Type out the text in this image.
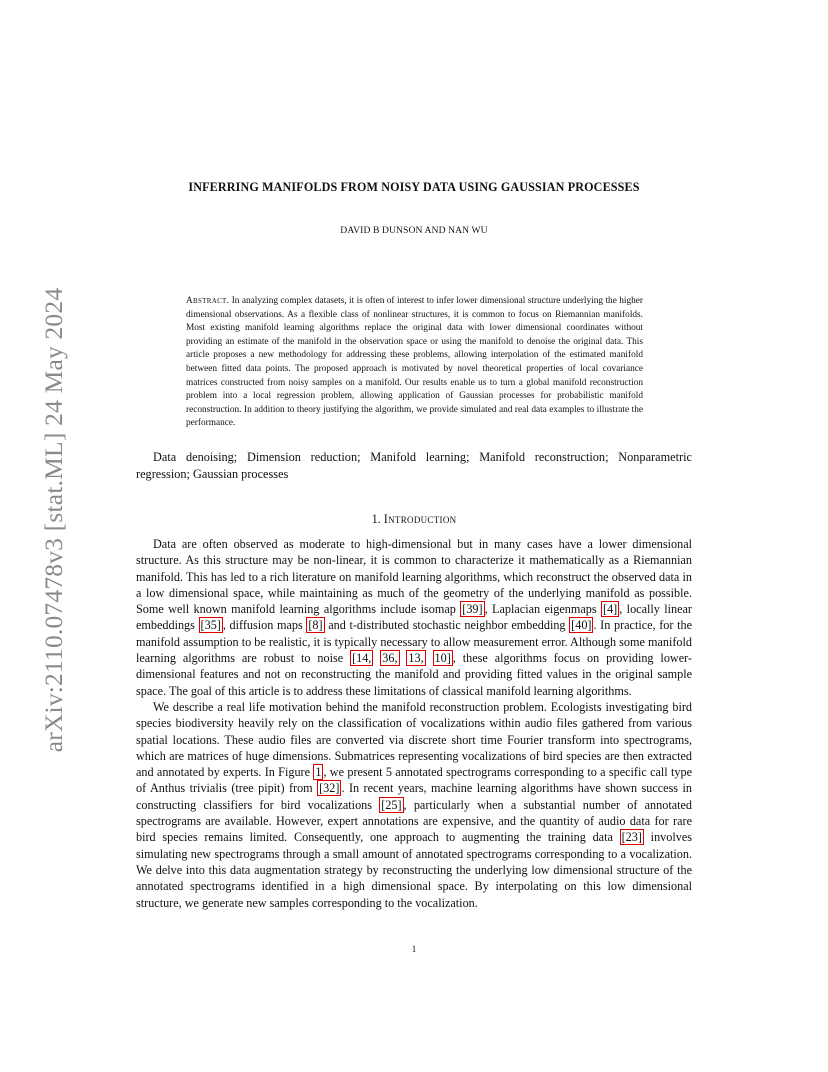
arXiv:2110.07478v3 [stat.ML] 24 May 2024
INFERRING MANIFOLDS FROM NOISY DATA USING GAUSSIAN PROCESSES
DAVID B DUNSON AND NAN WU
Abstract. In analyzing complex datasets, it is often of interest to infer lower dimensional structure underlying the higher dimensional observations. As a flexible class of nonlinear structures, it is common to focus on Riemannian manifolds. Most existing manifold learning algorithms replace the original data with lower dimensional coordinates without providing an estimate of the manifold in the observation space or using the manifold to denoise the original data. This article proposes a new methodology for addressing these problems, allowing interpolation of the estimated manifold between fitted data points. The proposed approach is motivated by novel theoretical properties of local covariance matrices constructed from noisy samples on a manifold. Our results enable us to turn a global manifold reconstruction problem into a local regression problem, allowing application of Gaussian processes for probabilistic manifold reconstruction. In addition to theory justifying the algorithm, we provide simulated and real data examples to illustrate the performance.
Data denoising; Dimension reduction; Manifold learning; Manifold reconstruction; Nonparametric regression; Gaussian processes
1. Introduction

Data are often observed as moderate to high-dimensional but in many cases have a lower dimensional structure. As this structure may be non-linear, it is common to characterize it mathematically as a Riemannian manifold. This has led to a rich literature on manifold learning algorithms, which reconstruct the observed data in a low dimensional space, while maintaining as much of the geometry of the underlying manifold as possible. Some well known manifold learning algorithms include isomap [39] , Laplacian eigenmaps [4] , locally linear embeddings [35] , diffusion maps [8] and t-distributed stochastic neighbor embedding [40] . In practice, for the manifold assumption to be realistic, it is typically necessary to allow measurement error. Although some manifold learning algorithms are robust to noise [14, 36, 13, 10] , these algorithms focus on providing lower-dimensional features and not on reconstructing the manifold and providing fitted values in the original sample space. The goal of this article is to address these limitations of classical manifold learning algorithms.

We describe a real life motivation behind the manifold reconstruction problem. Ecologists investigating bird species biodiversity heavily rely on the classification of vocalizations within audio files gathered from various spatial locations. These audio files are converted via discrete short time Fourier transform into spectrograms, which are matrices of huge dimensions. Submatrices representing vocalizations of bird species are then extracted and annotated by experts. In Figure 1 , we present 5 annotated spectrograms corresponding to a specific call type of Anthus trivialis (tree pipit) from [32] . In recent years, machine learning algorithms have shown success in constructing classifiers for bird vocalizations [25] , particularly when a substantial number of annotated spectrograms are available. However, expert annotations are expensive, and the quantity of audio data for rare bird species remains limited. Consequently, one approach to augmenting the training data [23] involves simulating new spectrograms through a small amount of annotated spectrograms corresponding to a vocalization. We delve into this data augmentation strategy by reconstructing the underlying low dimensional structure of the annotated spectrograms identified in a high dimensional space. By interpolating on this low dimensional structure, we generate new samples corresponding to the vocalization.

1
